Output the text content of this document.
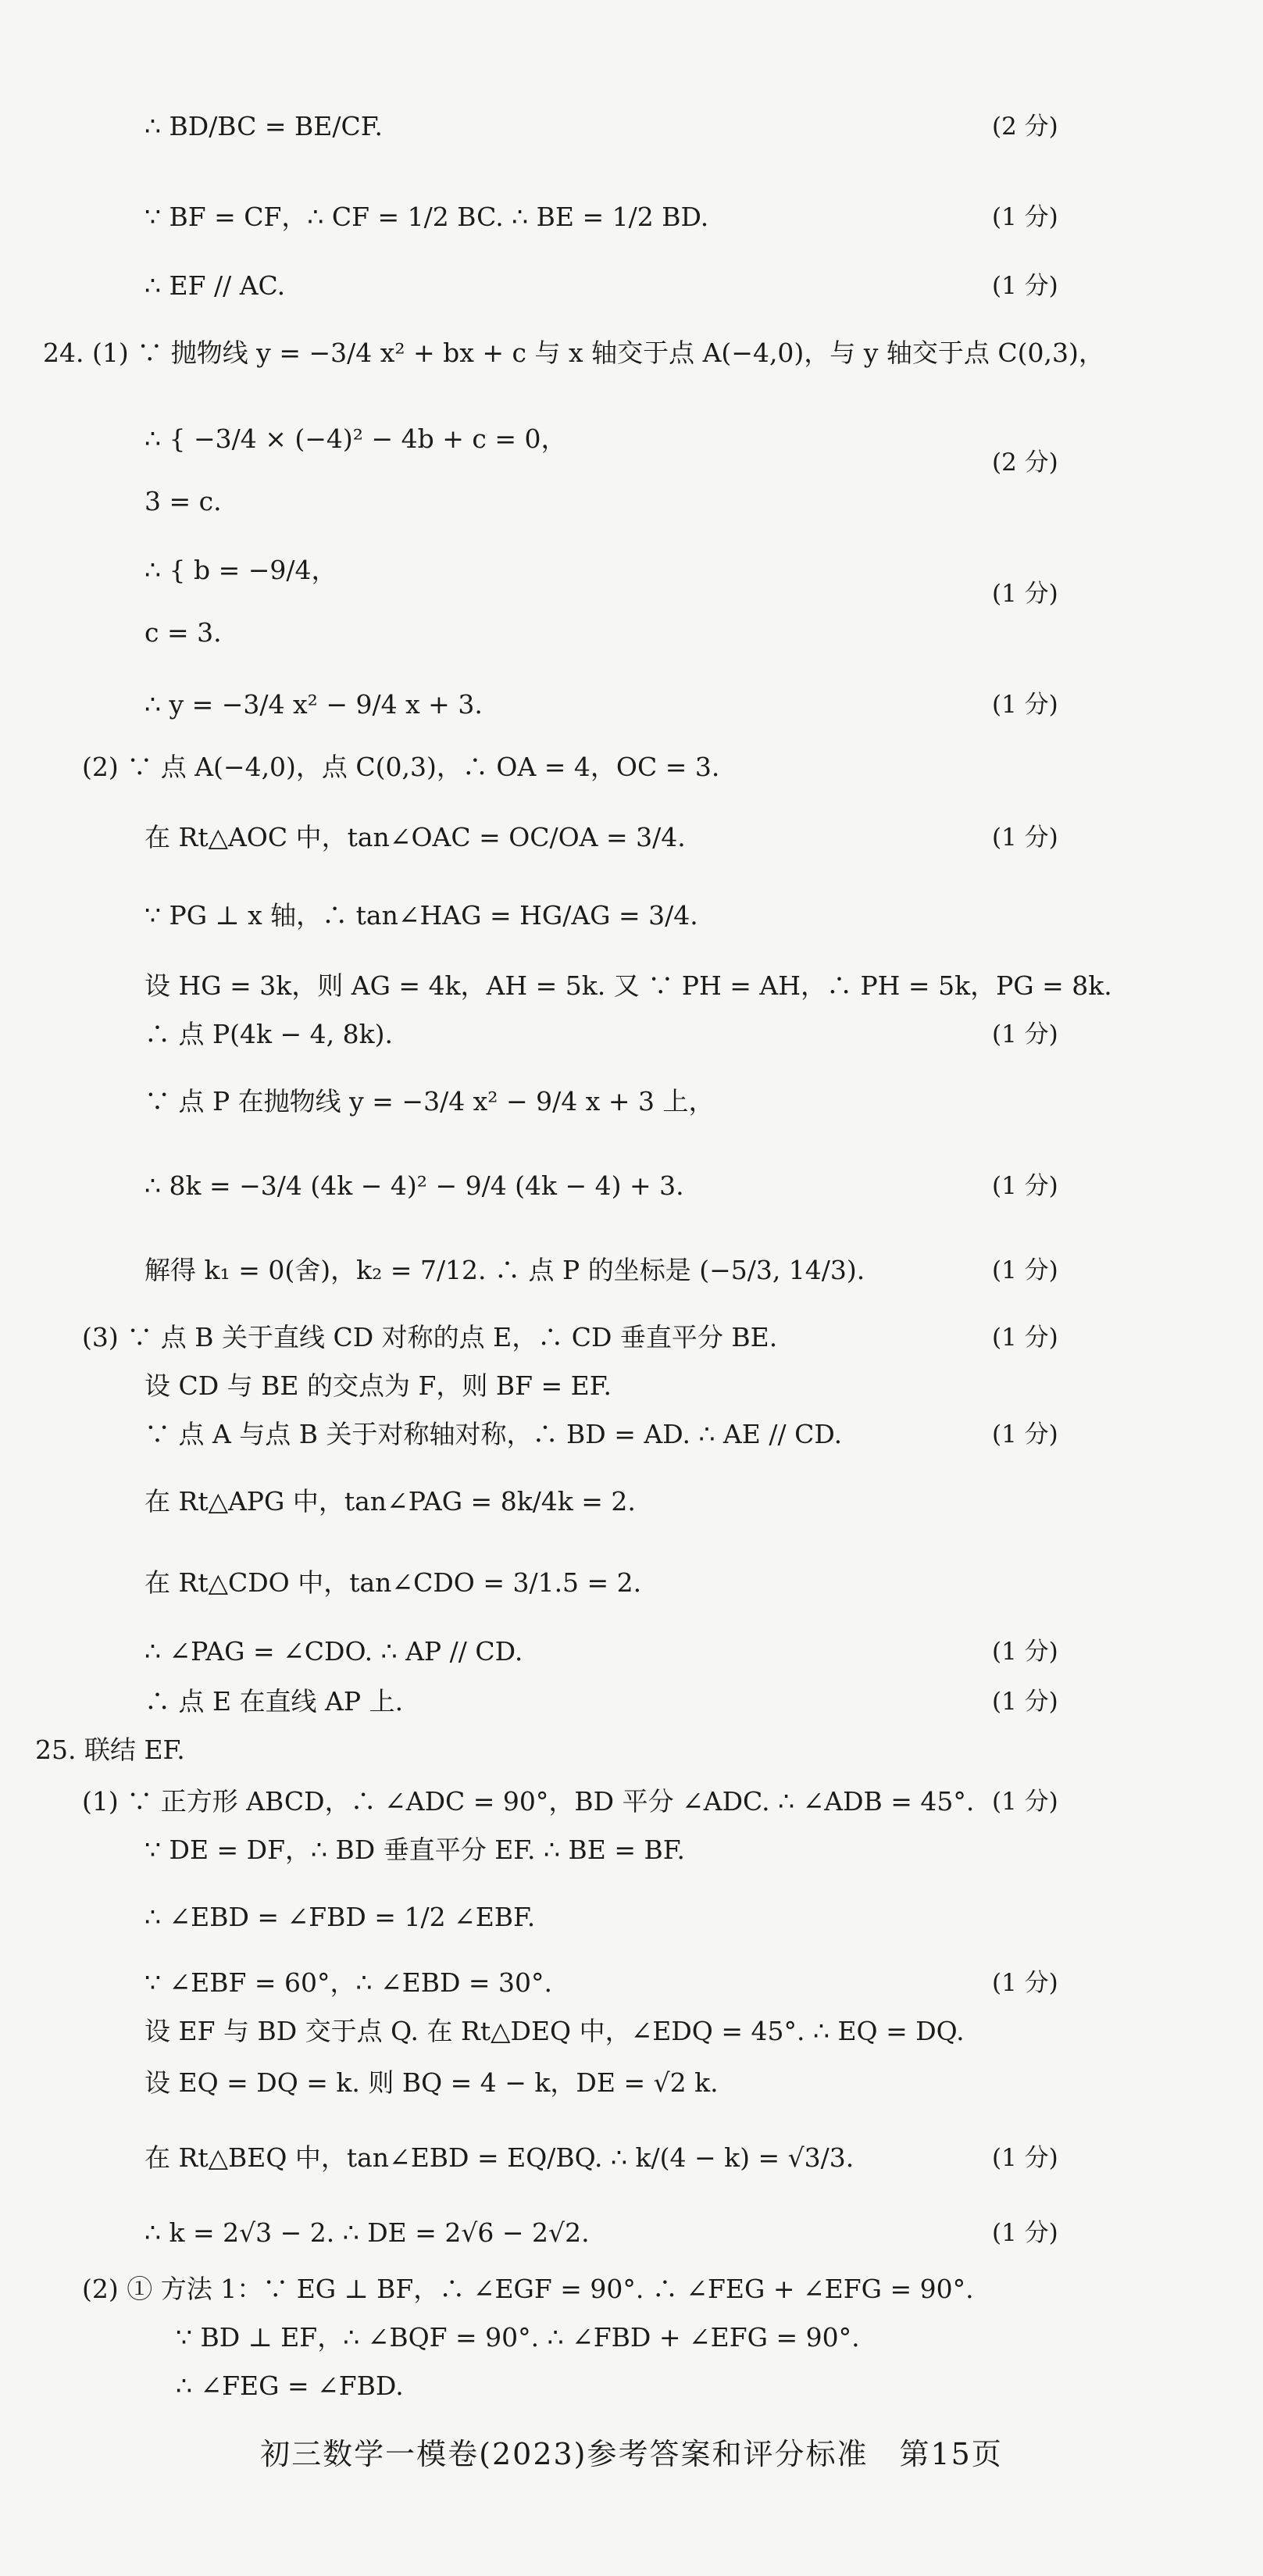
∴ BD/BC = BE/CF.	(2 分)
∵ BF = CF，∴ CF = 1/2 BC. ∴ BE = 1/2 BD.	(1 分)
∴ EF // AC.	(1 分)
24. (1) ∵ 抛物线 y = −3/4 x² + bx + c 与 x 轴交于点 A(−4,0)，与 y 轴交于点 C(0,3)，
∴ { −3/4 × (−4)² − 4b + c = 0，
(2 分)
3 = c.
∴ { b = −9/4，
(1 分)
c = 3.
∴ y = −3/4 x² − 9/4 x + 3.	(1 分)
(2) ∵ 点 A(−4,0)，点 C(0,3)，∴ OA = 4，OC = 3.
在 Rt△AOC 中，tan∠OAC = OC/OA = 3/4.	(1 分)
∵ PG ⊥ x 轴，∴ tan∠HAG = HG/AG = 3/4.
设 HG = 3k，则 AG = 4k，AH = 5k. 又 ∵ PH = AH，∴ PH = 5k，PG = 8k.
∴ 点 P(4k − 4, 8k).	(1 分)
∵ 点 P 在抛物线 y = −3/4 x² − 9/4 x + 3 上，
∴ 8k = −3/4 (4k − 4)² − 9/4 (4k − 4) + 3.	(1 分)
解得 k₁ = 0(舍)，k₂ = 7/12. ∴ 点 P 的坐标是 (−5/3, 14/3).	(1 分)
(3) ∵ 点 B 关于直线 CD 对称的点 E，∴ CD 垂直平分 BE.	(1 分)
设 CD 与 BE 的交点为 F，则 BF = EF.
∵ 点 A 与点 B 关于对称轴对称，∴ BD = AD. ∴ AE // CD.	(1 分)
在 Rt△APG 中，tan∠PAG = 8k/4k = 2.
在 Rt△CDO 中，tan∠CDO = 3/1.5 = 2.
∴ ∠PAG = ∠CDO. ∴ AP // CD.	(1 分)
∴ 点 E 在直线 AP 上.	(1 分)
25. 联结 EF.
(1) ∵ 正方形 ABCD，∴ ∠ADC = 90°，BD 平分 ∠ADC. ∴ ∠ADB = 45°. (1 分)
∵ DE = DF，∴ BD 垂直平分 EF. ∴ BE = BF.
∴ ∠EBD = ∠FBD = 1/2 ∠EBF.
∵ ∠EBF = 60°，∴ ∠EBD = 30°.	(1 分)
设 EF 与 BD 交于点 Q. 在 Rt△DEQ 中，∠EDQ = 45°. ∴ EQ = DQ.
设 EQ = DQ = k. 则 BQ = 4 − k，DE = √2 k.
在 Rt△BEQ 中，tan∠EBD = EQ/BQ. ∴ k/(4 − k) = √3/3.	(1 分)
∴ k = 2√3 − 2. ∴ DE = 2√6 − 2√2.	(1 分)
(2) ① 方法 1：∵ EG ⊥ BF，∴ ∠EGF = 90°. ∴ ∠FEG + ∠EFG = 90°.
∵ BD ⊥ EF，∴ ∠BQF = 90°. ∴ ∠FBD + ∠EFG = 90°.
∴ ∠FEG = ∠FBD.
初三数学一模卷(2023)参考答案和评分标准　第15页
